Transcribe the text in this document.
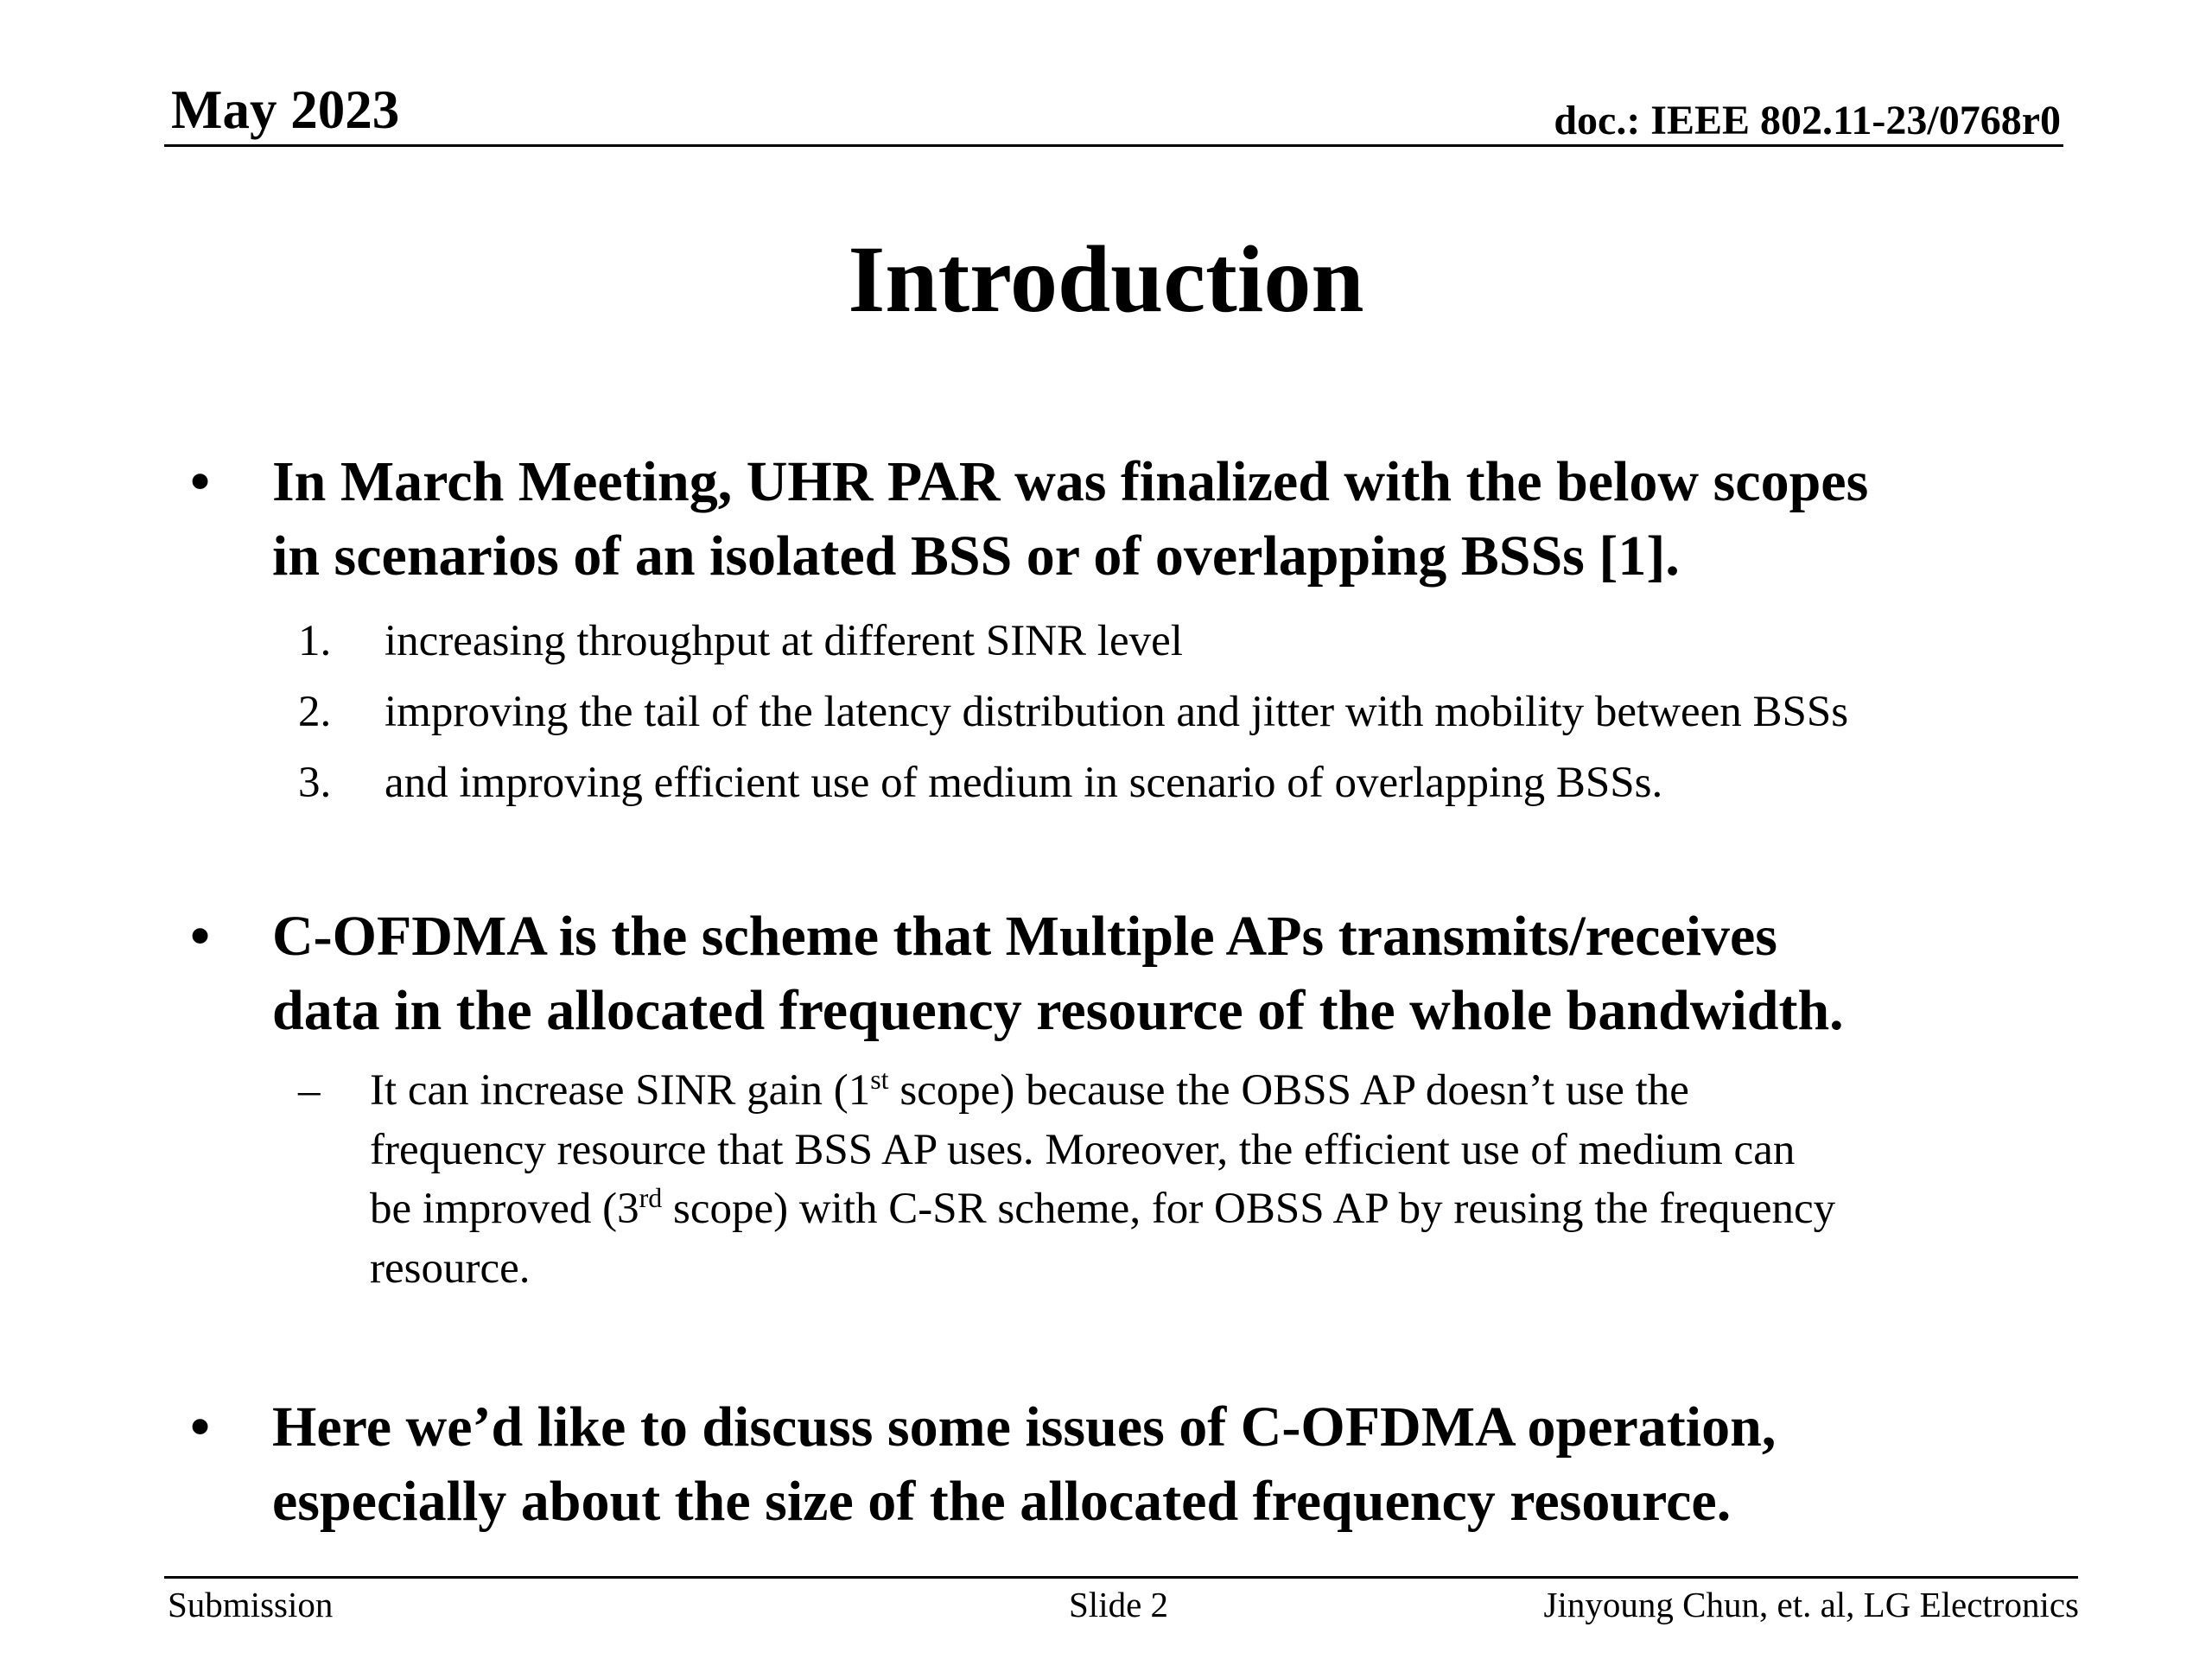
May 2023	doc.: IEEE 802.11-23/0768r0
Introduction
• In March Meeting, UHR PAR was finalized with the below scopes
in scenarios of an isolated BSS or of overlapping BSSs [1].
1. increasing throughput at different SINR level
2. improving the tail of the latency distribution and jitter with mobility between BSSs
3. and improving efficient use of medium in scenario of overlapping BSSs.
• C-OFDMA is the scheme that Multiple APs transmits/receives
data in the allocated frequency resource of the whole bandwidth.
– It can increase SINR gain (1st scope) because the OBSS AP doesn’t use the
frequency resource that BSS AP uses. Moreover, the efficient use of medium can
be improved (3rd scope) with C-SR scheme, for OBSS AP by reusing the frequency
resource.
• Here we’d like to discuss some issues of C-OFDMA operation,
especially about the size of the allocated frequency resource.
Submission	Slide 2	Jinyoung Chun, et. al, LG Electronics
